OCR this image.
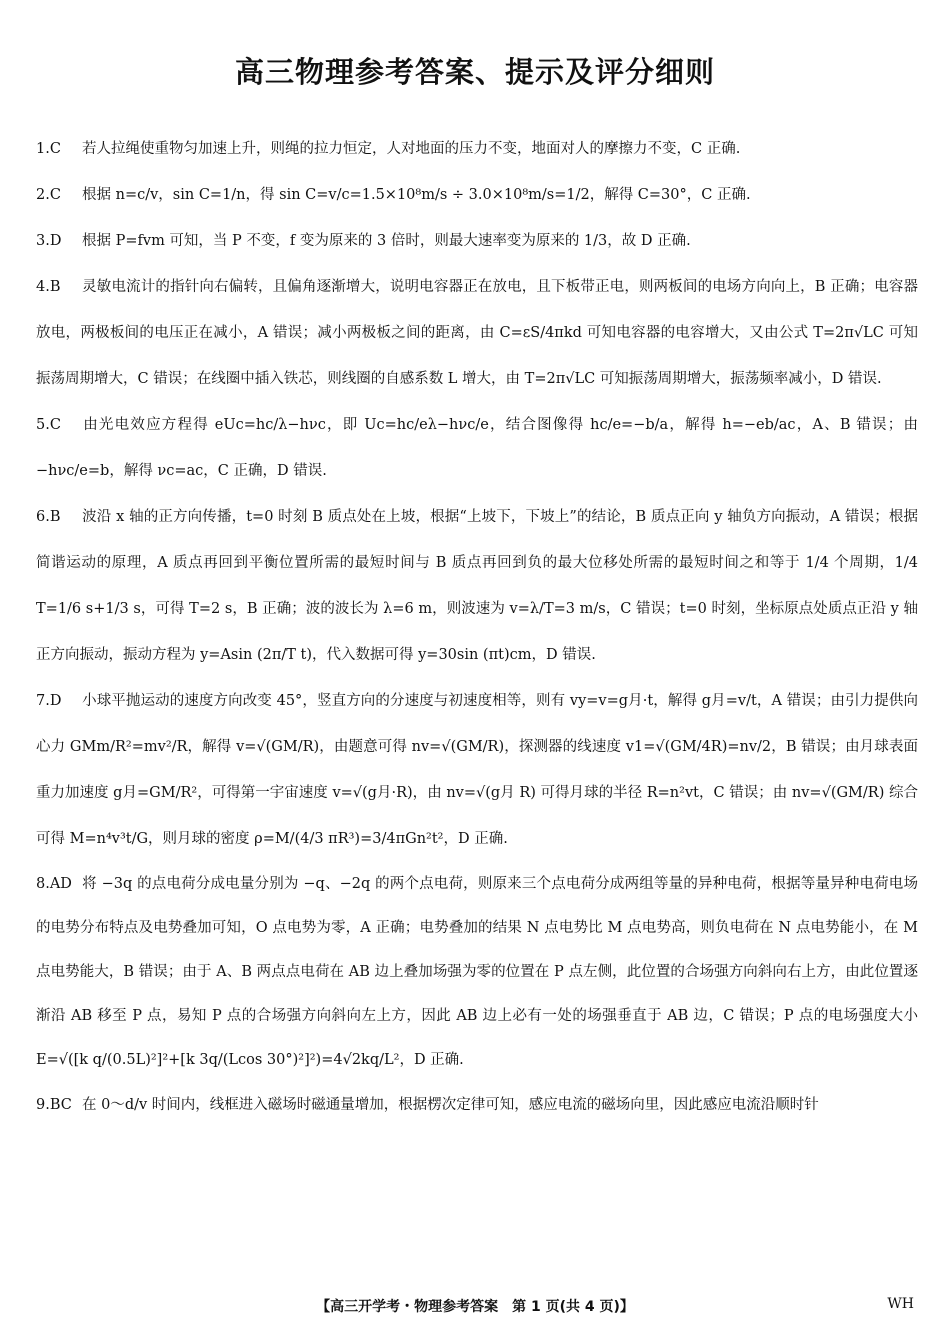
高三物理参考答案、提示及评分细则
1.C 若人拉绳使重物匀加速上升，则绳的拉力恒定，人对地面的压力不变，地面对人的摩擦力不变，C 正确.
2.C 根据 n=c/v，sin C=1/n，得 sin C=v/c=1.5×10⁸m/s ÷ 3.0×10⁸m/s=1/2，解得 C=30°，C 正确.
3.D 根据 P=fvm 可知，当 P 不变，f 变为原来的 3 倍时，则最大速率变为原来的 1/3，故 D 正确.
4.B 灵敏电流计的指针向右偏转，且偏角逐渐增大，说明电容器正在放电，且下板带正电，则两板间的电场方向向上，B 正确；电容器放电，两极板间的电压正在减小，A 错误；减小两极板之间的距离，由 C=εS/4πkd 可知电容器的电容增大，又由公式 T=2π√LC 可知振荡周期增大，C 错误；在线圈中插入铁芯，则线圈的自感系数 L 增大，由 T=2π√LC 可知振荡周期增大，振荡频率减小，D 错误.
5.C 由光电效应方程得 eUc=hc/λ−hνc，即 Uc=hc/eλ−hνc/e，结合图像得 hc/e=−b/a，解得 h=−eb/ac，A、B 错误；由 −hνc/e=b，解得 νc=ac，C 正确，D 错误.
6.B 波沿 x 轴的正方向传播，t=0 时刻 B 质点处在上坡，根据“上坡下，下坡上”的结论，B 质点正向 y 轴负方向振动，A 错误；根据简谐运动的原理，A 质点再回到平衡位置所需的最短时间与 B 质点再回到负的最大位移处所需的最短时间之和等于 1/4 个周期，1/4 T=1/6 s+1/3 s，可得 T=2 s，B 正确；波的波长为 λ=6 m，则波速为 v=λ/T=3 m/s，C 错误；t=0 时刻，坐标原点处质点正沿 y 轴正方向振动，振动方程为 y=Asin (2π/T t)，代入数据可得 y=30sin (πt)cm，D 错误.
7.D 小球平抛运动的速度方向改变 45°，竖直方向的分速度与初速度相等，则有 vy=v=g月·t，解得 g月=v/t，A 错误；由引力提供向心力 GMm/R²=mv²/R，解得 v=√(GM/R)，由题意可得 nv=√(GM/R)，探测器的线速度 v1=√(GM/4R)=nv/2，B 错误；由月球表面重力加速度 g月=GM/R²，可得第一宇宙速度 v=√(g月·R)，由 nv=√(g月 R) 可得月球的半径 R=n²vt，C 错误；由 nv=√(GM/R) 综合可得 M=n⁴v³t/G，则月球的密度 ρ=M/(4/3 πR³)=3/4πGn²t²，D 正确.
8.AD 将 −3q 的点电荷分成电量分别为 −q、−2q 的两个点电荷，则原来三个点电荷分成两组等量的异种电荷，根据等量异种电荷电场的电势分布特点及电势叠加可知，O 点电势为零，A 正确；电势叠加的结果 N 点电势比 M 点电势高，则负电荷在 N 点电势能小，在 M 点电势能大，B 错误；由于 A、B 两点点电荷在 AB 边上叠加场强为零的位置在 P 点左侧，此位置的合场强方向斜向右上方，由此位置逐渐沿 AB 移至 P 点，易知 P 点的合场强方向斜向左上方，因此 AB 边上必有一处的场强垂直于 AB 边，C 错误；P 点的电场强度大小 E=√([k q/(0.5L)²]²+[k 3q/(Lcos 30°)²]²)=4√2kq/L²，D 正确.
9.BC 在 0～d/v 时间内，线框进入磁场时磁通量增加，根据楞次定律可知，感应电流的磁场向里，因此感应电流沿顺时针
【高三开学考・物理参考答案　第 1 页(共 4 页)】	WH
